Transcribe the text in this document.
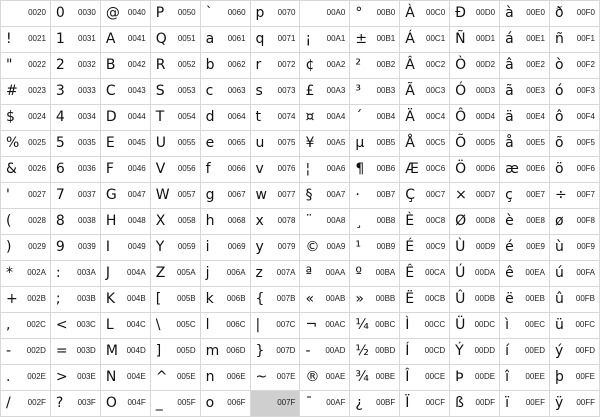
0020	0 0030	@ 0040	P 0050	` 0060	p 0070	00A0	° 00B0	À 00C0	Ð 00D0	à 00E0	ð 00F0

! 0021	1 0031	A 0041	Q 0051	a 0061	q 0071	¡ 00A1	± 00B1	Á 00C1	Ñ 00D1	á 00E1	ñ 00F1

" 0022	2 0032	B 0042	R 0052	b 0062	r 0072	¢ 00A2	² 00B2	Â 00C2	Ò 00D2	â 00E2	ò 00F2

# 0023	3 0033	C 0043	S 0053	c 0063	s 0073	£ 00A3	³ 00B3	Ã 00C3	Ó 00D3	ã 00E3	ó 00F3

$ 0024	4 0034	D 0044	T 0054	d 0064	t 0074	¤ 00A4	´ 00B4	Ä 00C4	Ô 00D4	ä 00E4	ô 00F4

% 0025	5 0035	E 0045	U 0055	e 0065	u 0075	¥ 00A5	µ 00B5	Å 00C5	Õ 00D5	å 00E5	õ 00F5

& 0026	6 0036	F 0046	V 0056	f 0066	v 0076	¦ 00A6	¶ 00B6	Æ 00C6	Ö 00D6	æ 00E6	ö 00F6

' 0027	7 0037	G 0047	W 0057	g 0067	w 0077	§ 00A7	· 00B7	Ç 00C7	× 00D7	ç 00E7	÷ 00F7

( 0028	8 0038	H 0048	X 0058	h 0068	x 0078	¨ 00A8	¸ 00B8	È 00C8	Ø 00D8	è 00E8	ø 00F8

) 0029	9 0039	I 0049	Y 0059	i 0069	y 0079	© 00A9	¹ 00B9	É 00C9	Ù 00D9	é 00E9	ù 00F9

* 002A	: 003A	J 004A	Z 005A	j 006A	z 007A	ª 00AA	º 00BA	Ê 00CA	Ú 00DA	ê 00EA	ú 00FA

+ 002B	; 003B	K 004B	[ 005B	k 006B	{ 007B	« 00AB	» 00BB	Ë 00CB	Û 00DB	ë 00EB	û 00FB

, 002C	< 003C	L 004C	\ 005C	l 006C	| 007C	¬ 00AC	¼ 00BC	Ì 00CC	Ü 00DC	ì 00EC	ü 00FC

- 002D	= 003D	M 004D	] 005D	m 006D	} 007D	- 00AD	½ 00BD	Í 00CD	Ý 00DD	í 00ED	ý 00FD

. 002E	> 003E	N 004E	^ 005E	n 006E	~ 007E	® 00AE	¾ 00BE	Î 00CE	Þ 00DE	î 00EE	þ 00FE

/ 002F	? 003F	O 004F	_ 005F	o 006F	007F	¯ 00AF	¿ 00BF	Ï 00CF	ß 00DF	ï 00EF	ÿ 00FF
